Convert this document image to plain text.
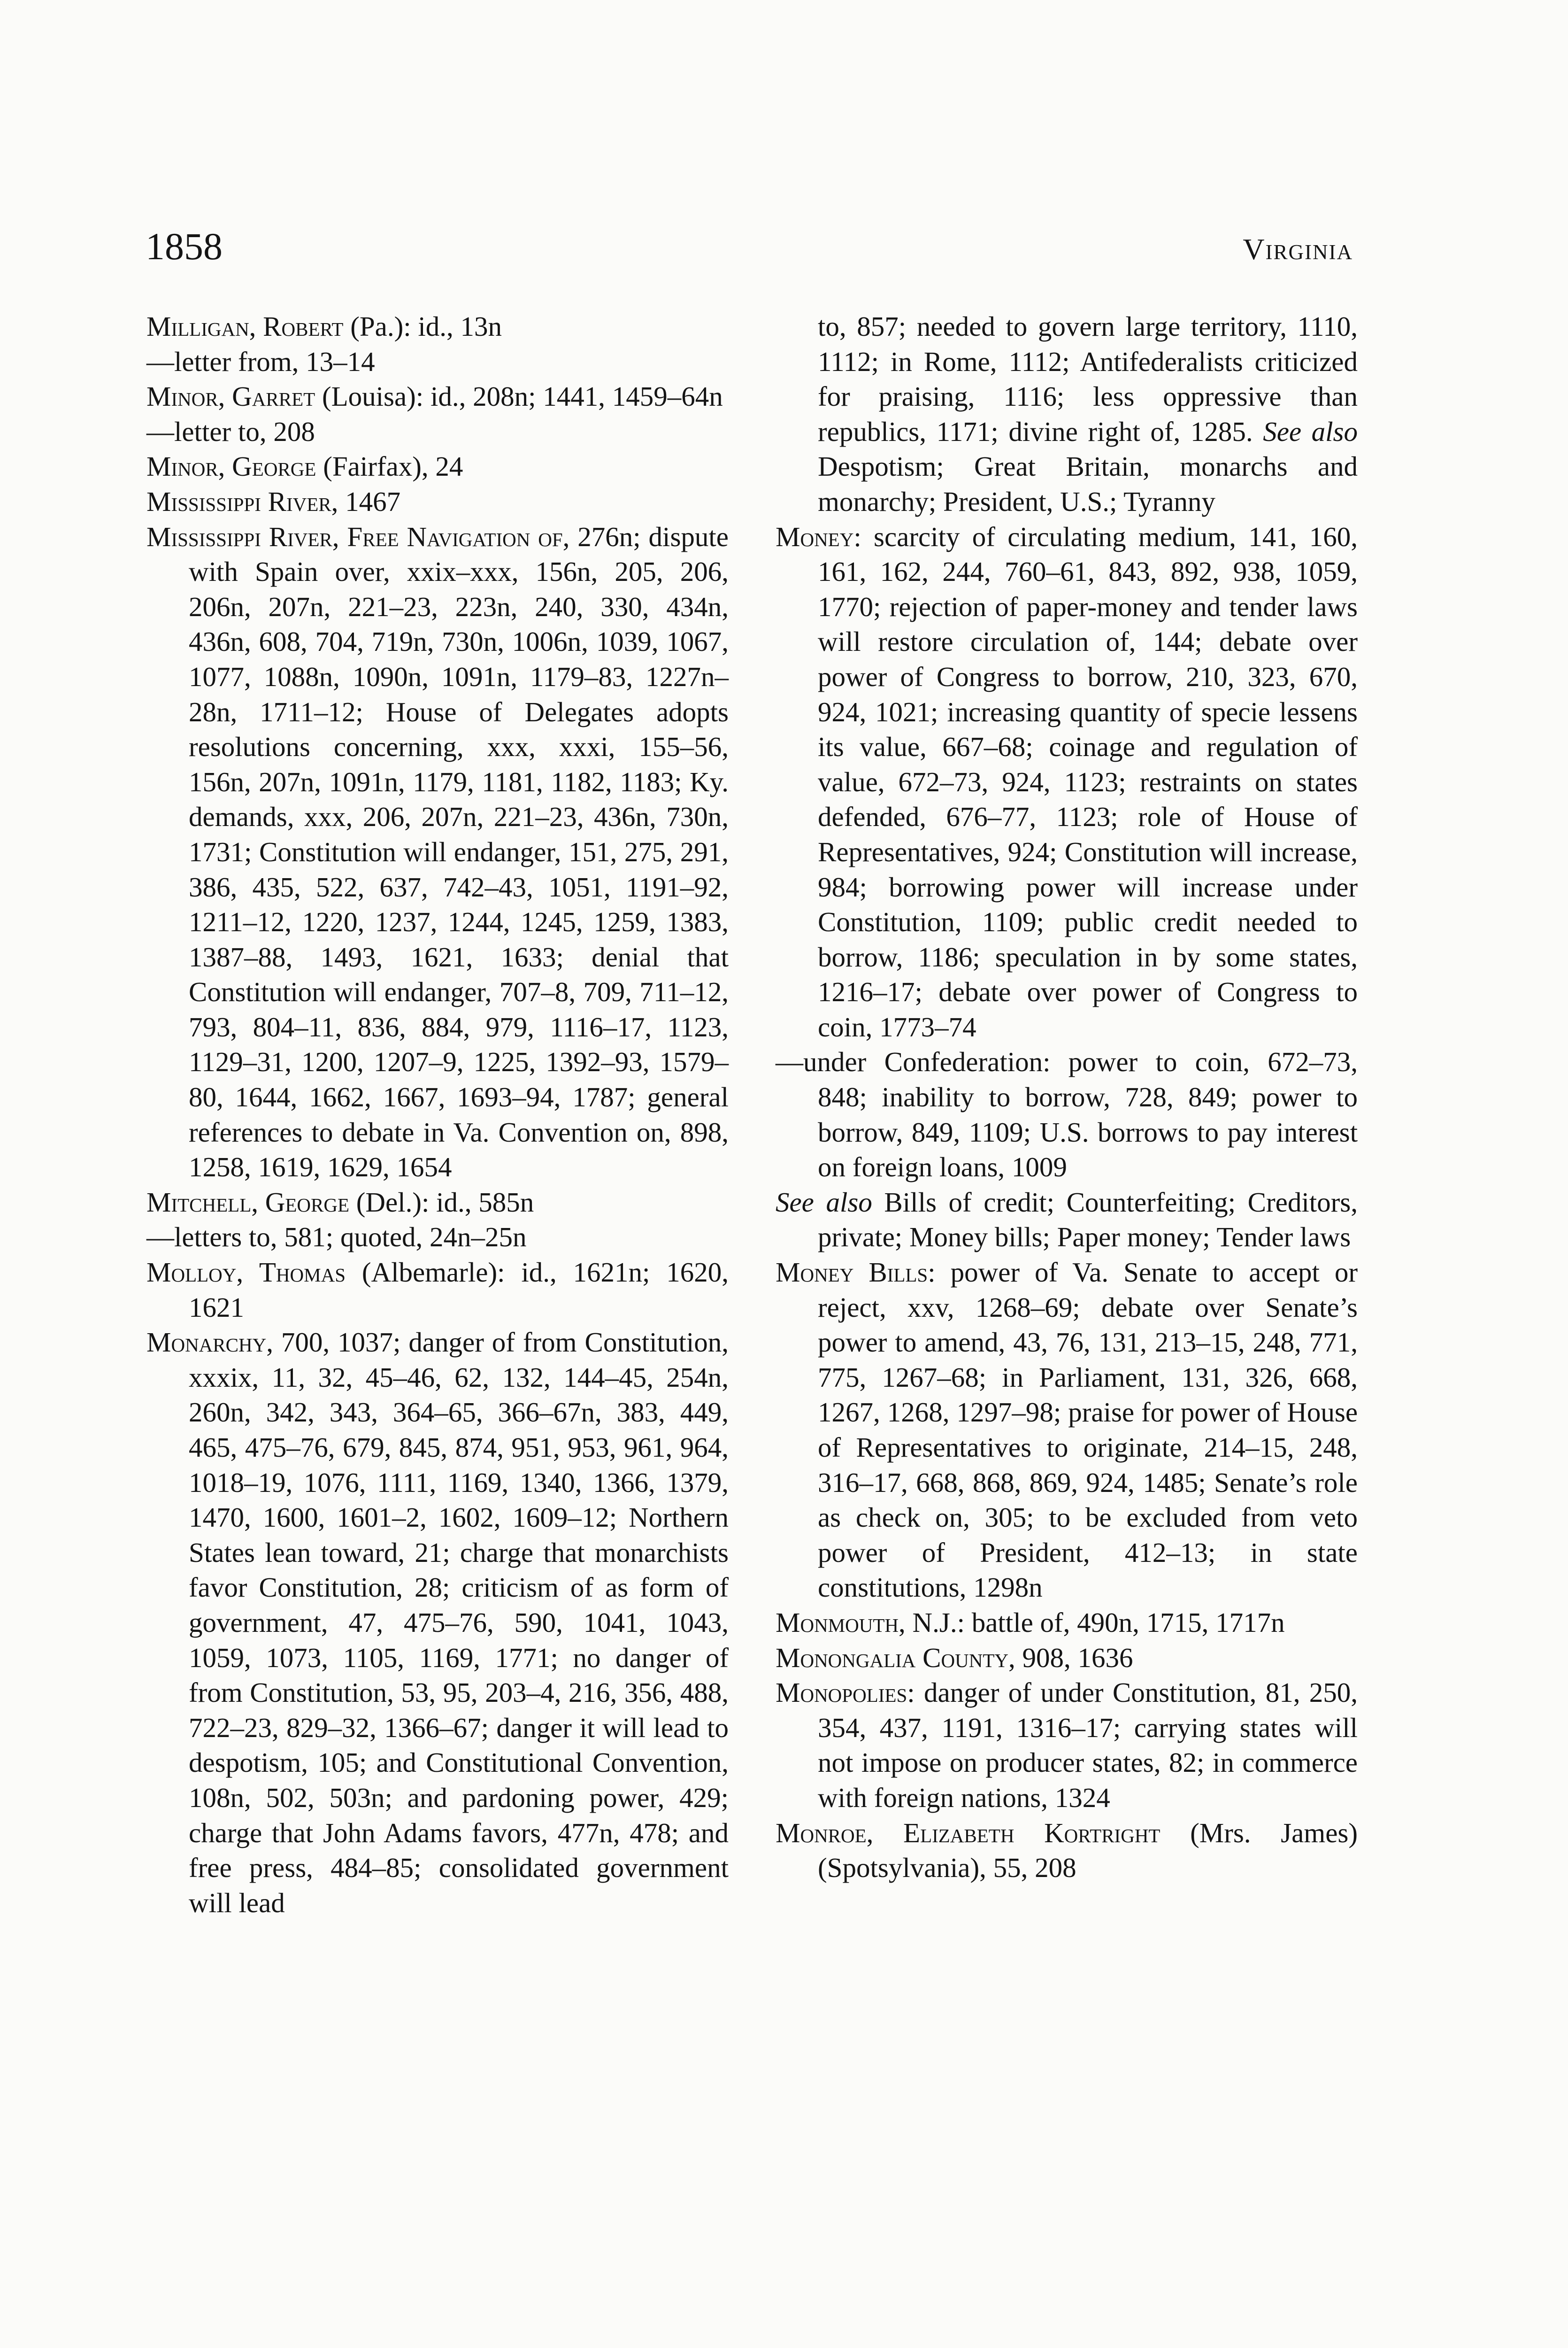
1858	Virginia

Milligan, Robert (Pa.): id., 13n

—letter from, 13–14

Minor, Garret (Louisa): id., 208n; 1441, 1459–64n

—letter to, 208

Minor, George (Fairfax), 24

Mississippi River, 1467

Mississippi River, Free Navigation of, 276n; dispute with Spain over, xxix–xxx, 156n, 205, 206, 206n, 207n, 221–23, 223n, 240, 330, 434n, 436n, 608, 704, 719n, 730n, 1006n, 1039, 1067, 1077, 1088n, 1090n, 1091n, 1179–83, 1227n–28n, 1711–12; House of Delegates adopts resolutions concerning, xxx, xxxi, 155–56, 156n, 207n, 1091n, 1179, 1181, 1182, 1183; Ky. demands, xxx, 206, 207n, 221–23, 436n, 730n, 1731; Constitution will endanger, 151, 275, 291, 386, 435, 522, 637, 742–43, 1051, 1191–92, 1211–12, 1220, 1237, 1244, 1245, 1259, 1383, 1387–88, 1493, 1621, 1633; denial that Constitution will endanger, 707–8, 709, 711–12, 793, 804–11, 836, 884, 979, 1116–17, 1123, 1129–31, 1200, 1207–9, 1225, 1392–93, 1579–80, 1644, 1662, 1667, 1693–94, 1787; general references to debate in Va. Convention on, 898, 1258, 1619, 1629, 1654

Mitchell, George (Del.): id., 585n

—letters to, 581; quoted, 24n–25n

Molloy, Thomas (Albemarle): id., 1621n; 1620, 1621

Monarchy, 700, 1037; danger of from Constitution, xxxix, 11, 32, 45–46, 62, 132, 144–45, 254n, 260n, 342, 343, 364–65, 366–67n, 383, 449, 465, 475–76, 679, 845, 874, 951, 953, 961, 964, 1018–19, 1076, 1111, 1169, 1340, 1366, 1379, 1470, 1600, 1601–2, 1602, 1609–12; Northern States lean toward, 21; charge that monarchists favor Constitution, 28; criticism of as form of government, 47, 475–76, 590, 1041, 1043, 1059, 1073, 1105, 1169, 1771; no danger of from Constitution, 53, 95, 203–4, 216, 356, 488, 722–23, 829–32, 1366–67; danger it will lead to despotism, 105; and Constitutional Convention, 108n, 502, 503n; and pardoning power, 429; charge that John Adams favors, 477n, 478; and free press, 484–85; consolidated government will lead

to, 857; needed to govern large territory, 1110, 1112; in Rome, 1112; Antifederalists criticized for praising, 1116; less oppressive than republics, 1171; divine right of, 1285. See also Despotism; Great Britain, monarchs and monarchy; President, U.S.; Tyranny

Money: scarcity of circulating medium, 141, 160, 161, 162, 244, 760–61, 843, 892, 938, 1059, 1770; rejection of paper-money and tender laws will restore circulation of, 144; debate over power of Congress to borrow, 210, 323, 670, 924, 1021; increasing quantity of specie lessens its value, 667–68; coinage and regulation of value, 672–73, 924, 1123; restraints on states defended, 676–77, 1123; role of House of Representatives, 924; Constitution will increase, 984; borrowing power will increase under Constitution, 1109; public credit needed to borrow, 1186; speculation in by some states, 1216–17; debate over power of Congress to coin, 1773–74

—under Confederation: power to coin, 672–73, 848; inability to borrow, 728, 849; power to borrow, 849, 1109; U.S. borrows to pay interest on foreign loans, 1009

See also Bills of credit; Counterfeiting; Creditors, private; Money bills; Paper money; Tender laws

Money Bills: power of Va. Senate to accept or reject, xxv, 1268–69; debate over Senate’s power to amend, 43, 76, 131, 213–15, 248, 771, 775, 1267–68; in Parliament, 131, 326, 668, 1267, 1268, 1297–98; praise for power of House of Representatives to originate, 214–15, 248, 316–17, 668, 868, 869, 924, 1485; Senate’s role as check on, 305; to be excluded from veto power of President, 412–13; in state constitutions, 1298n

Monmouth, N.J.: battle of, 490n, 1715, 1717n

Monongalia County, 908, 1636

Monopolies: danger of under Constitution, 81, 250, 354, 437, 1191, 1316–17; carrying states will not impose on producer states, 82; in commerce with foreign nations, 1324

Monroe, Elizabeth Kortright (Mrs. James) (Spotsylvania), 55, 208
